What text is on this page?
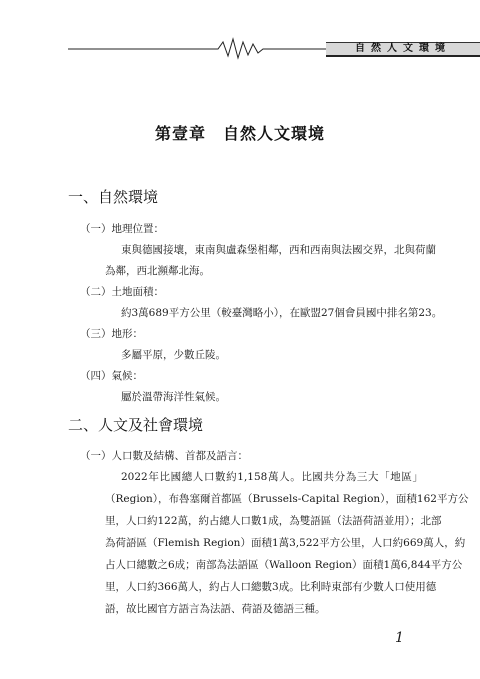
自然人文環境
第壹章　自然人文環境
一、自然環境
（一）地理位置：
東與德國接壤，東南與盧森堡相鄰，西和西南與法國交界，北與荷蘭
為鄰，西北瀕鄰北海。
（二）土地面積：
約3萬689平方公里（較臺灣略小），在歐盟27個會員國中排名第23。
（三）地形：
多屬平原，少數丘陵。
（四）氣候：
屬於溫帶海洋性氣候。
二、人文及社會環境
（一）人口數及結構、首都及語言：
2022年比國總人口數約1,158萬人。比國共分為三大「地區」
（Region），布魯塞爾首都區（Brussels-Capital Region），面積162平方公
里，人口約122萬，約占總人口數1成，為雙語區（法語荷語並用）；北部
為荷語區（Flemish Region）面積1萬3,522平方公里，人口約669萬人，約
占人口總數之6成；南部為法語區（Walloon Region）面積1萬6,844平方公
里，人口約366萬人，約占人口總數3成。比利時東部有少數人口使用德
語，故比國官方語言為法語、荷語及德語三種。
1
